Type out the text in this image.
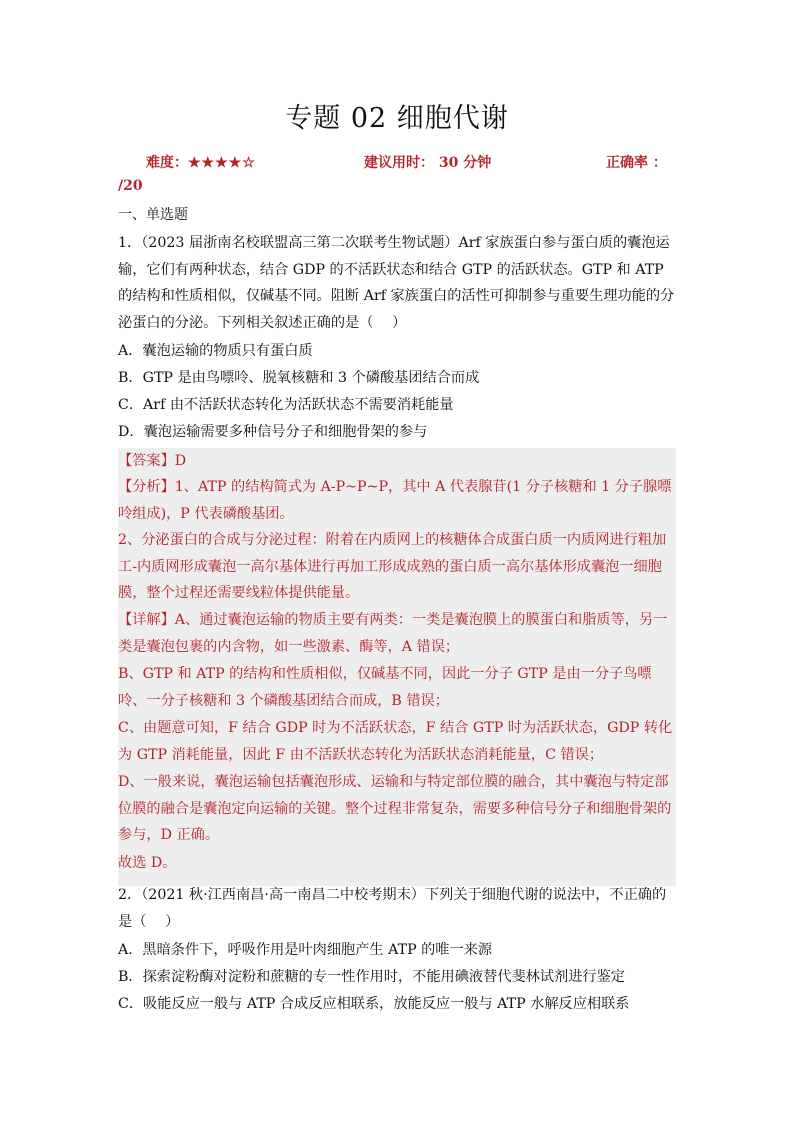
专题 02 细胞代谢
难度：★★★★☆	建议用时： 30 分钟	正确率 ：
/20
一、单选题
1．（2023 届浙南名校联盟高三第二次联考生物试题）Arf 家族蛋白参与蛋白质的囊泡运输，它们有两种状态，结合 GDP 的不活跃状态和结合 GTP 的活跃状态。GTP 和 ATP 的结构和性质相似，仅碱基不同。阻断 Arf 家族蛋白的活性可抑制参与重要生理功能的分泌蛋白的分泌。下列相关叙述正确的是（　 ）
A．囊泡运输的物质只有蛋白质
B．GTP 是由鸟嘌呤、脱氧核糖和 3 个磷酸基团结合而成
C．Arf 由不活跃状态转化为活跃状态不需要消耗能量
D．囊泡运输需要多种信号分子和细胞骨架的参与
【答案】D
【分析】1、ATP 的结构简式为 A-P~P~P，其中 A 代表腺苷(1 分子核糖和 1 分子腺嘌呤组成)，P 代表磷酸基团。
2、分泌蛋白的合成与分泌过程：附着在内质网上的核糖体合成蛋白质一内质网进行粗加工-内质网形成囊泡一高尔基体进行再加工形成成熟的蛋白质一高尔基体形成囊泡一细胞膜，整个过程还需要线粒体提供能量。
【详解】A、通过囊泡运输的物质主要有两类：一类是囊泡膜上的膜蛋白和脂质等，另一类是囊泡包裹的内含物，如一些激素、酶等，A 错误；
B、GTP 和 ATP 的结构和性质相似，仅碱基不同，因此一分子 GTP 是由一分子鸟嘌呤、一分子核糖和 3 个磷酸基团结合而成，B 错误；
C、由题意可知，F 结合 GDP 时为不活跃状态，F 结合 GTP 时为活跃状态，GDP 转化为 GTP 消耗能量，因此 F 由不活跃状态转化为活跃状态消耗能量，C 错误；
D、一般来说，囊泡运输包括囊泡形成、运输和与特定部位膜的融合，其中囊泡与特定部位膜的融合是囊泡定向运输的关键。整个过程非常复杂，需要多种信号分子和细胞骨架的参与，D 正确。
故选 D。
2．（2021 秋·江西南昌·高一南昌二中校考期末）下列关于细胞代谢的说法中，不正确的是（　 ）
A．黑暗条件下，呼吸作用是叶肉细胞产生 ATP 的唯一来源
B．探索淀粉酶对淀粉和蔗糖的专一性作用时，不能用碘液替代斐林试剂进行鉴定
C．吸能反应一般与 ATP 合成反应相联系，放能反应一般与 ATP 水解反应相联系
